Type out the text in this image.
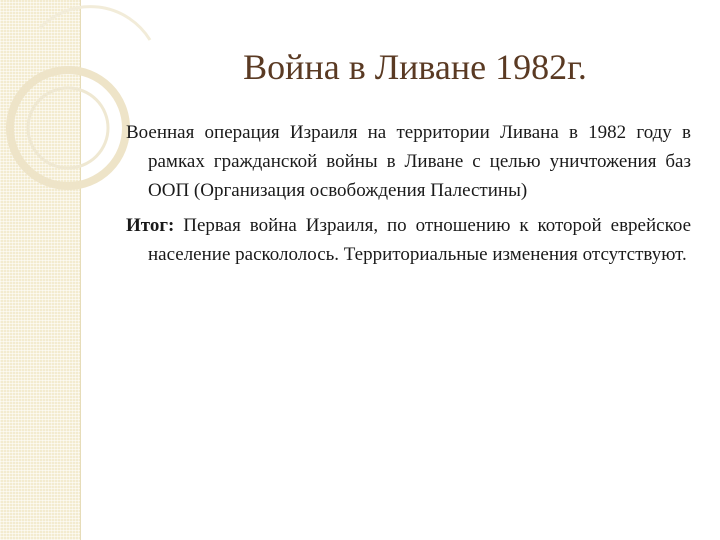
Война в Ливане 1982г.

Военная операция Израиля на территории Ливана в 1982 году в рамках гражданской войны в Ливане с целью уничтожения баз ООП (Организация освобождения Палестины)

Итог: Первая война Израиля, по отношению к которой еврейское население раскололось. Территориальные изменения отсутствуют.
